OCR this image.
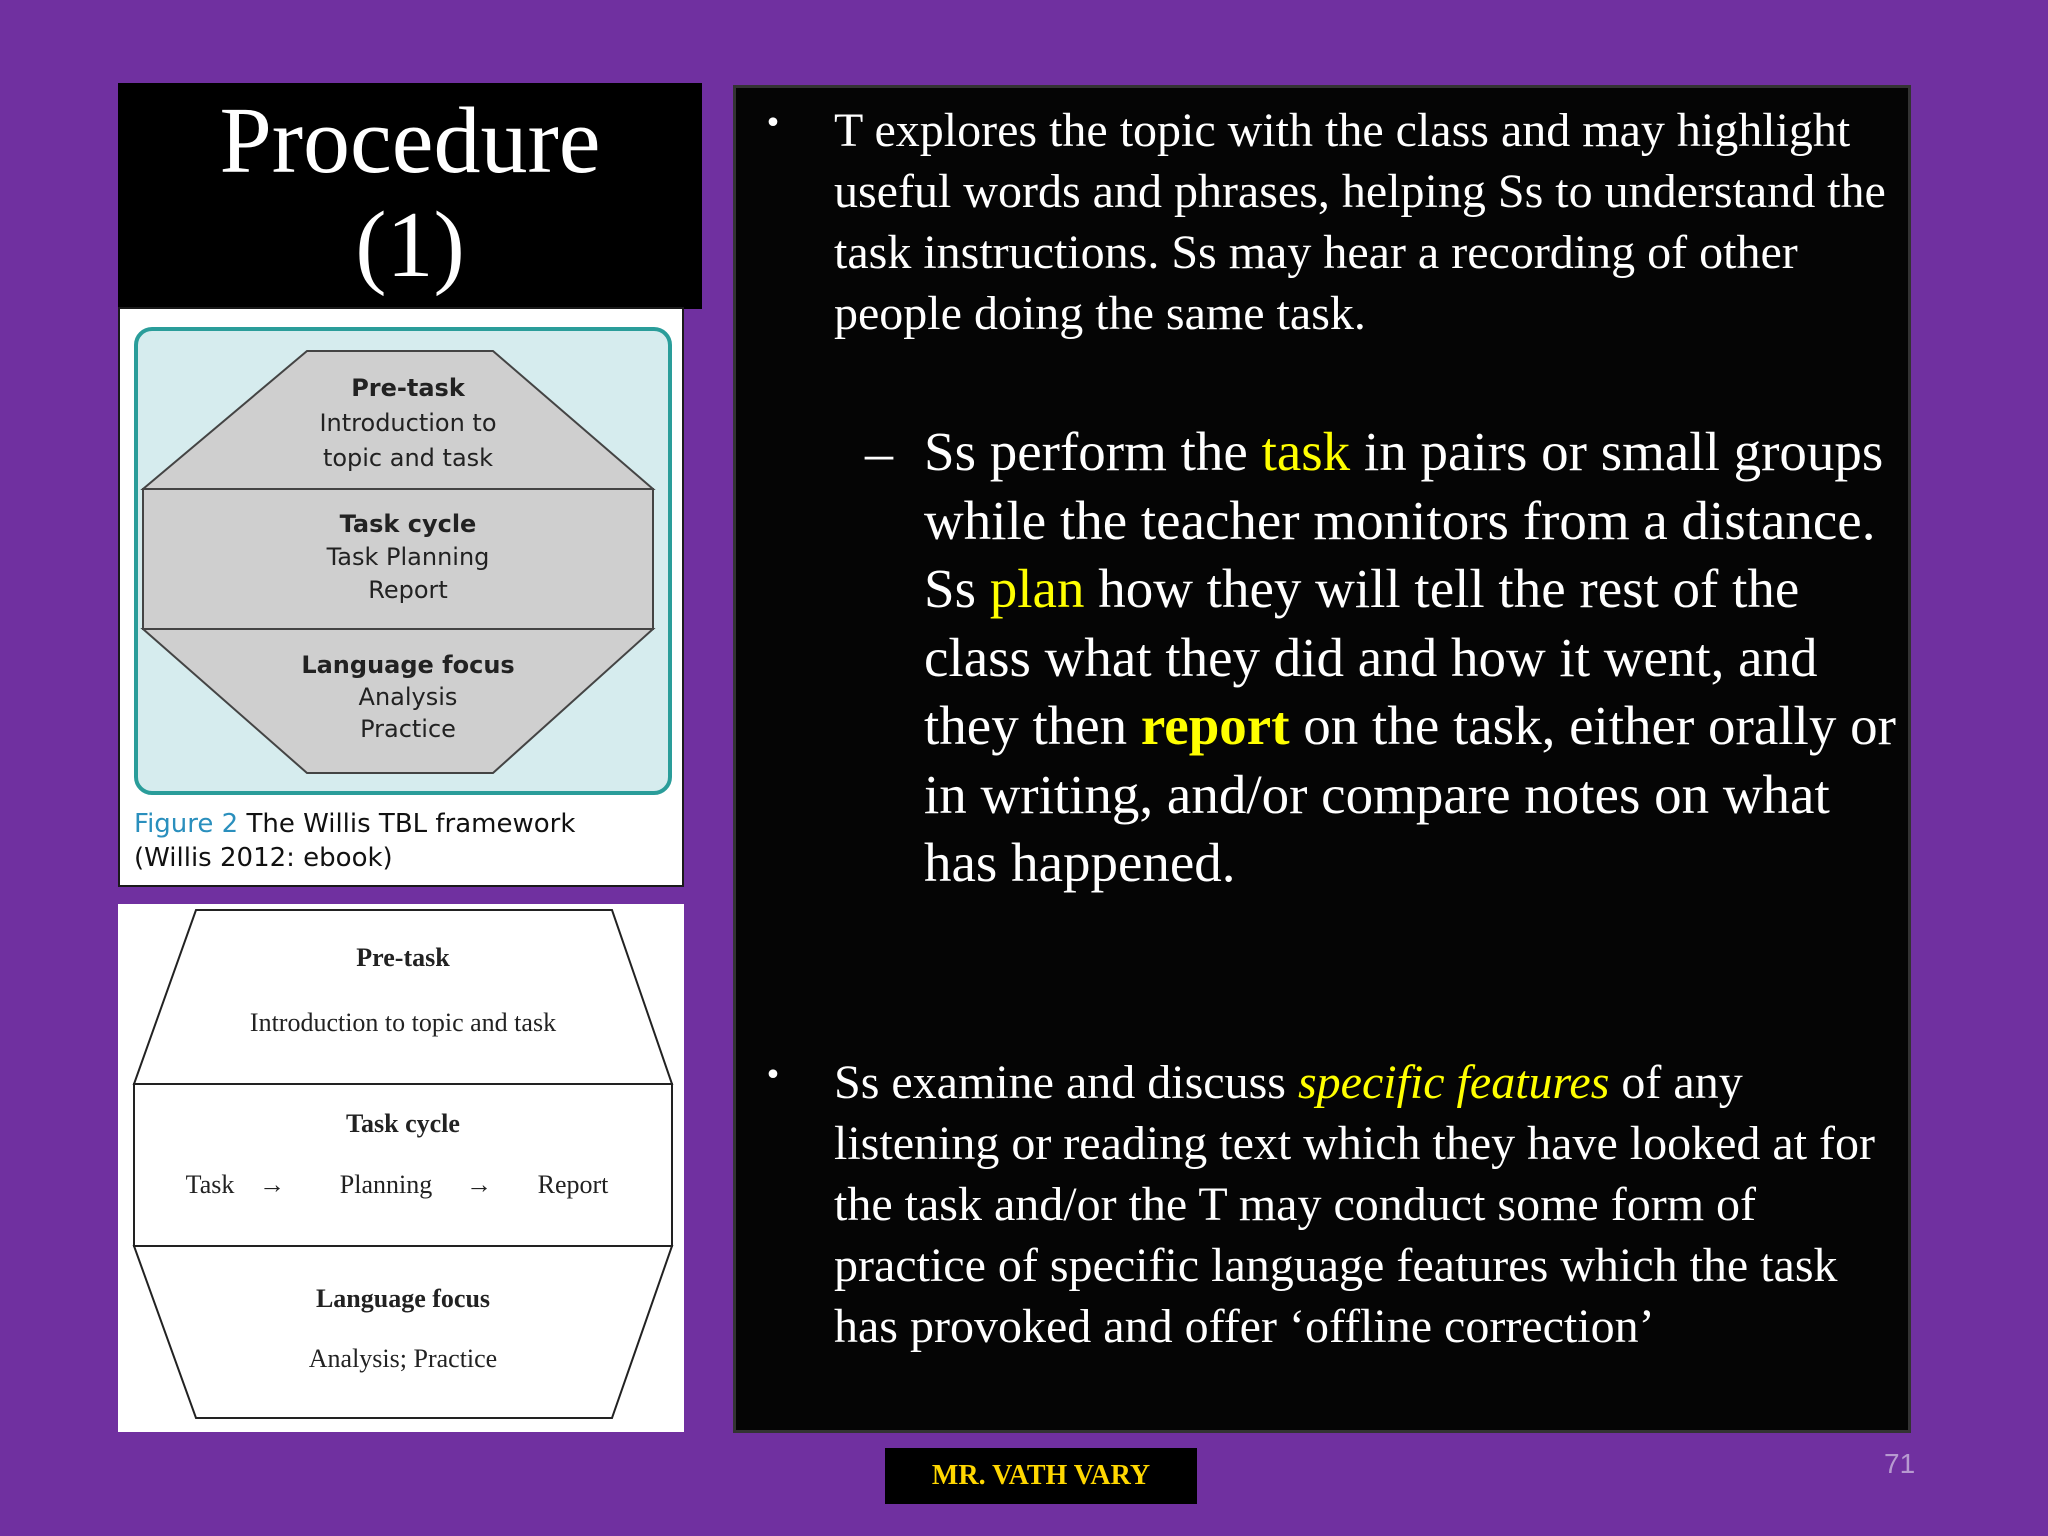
Procedure
(1)
Pre-task
Introduction to
topic and task
Task cycle
Task Planning
Report
Language focus
Analysis
Practice
Figure 2 The Willis TBL framework
(Willis 2012: ebook)
Pre-task
Introduction to topic and task
Task cycle
Task → Planning → Report
Language focus
Analysis; Practice
• T explores the topic with the class and may highlight useful words and phrases, helping Ss to understand the task instructions. Ss may hear a recording of other people doing the same task.
– Ss perform the task in pairs or small groups while the teacher monitors from a distance. Ss plan how they will tell the rest of the class what they did and how it went, and they then report on the task, either orally or in writing, and/or compare notes on what has happened.
• Ss examine and discuss specific features of any listening or reading text which they have looked at for the task and/or the T may conduct some form of practice of specific language features which the task has provoked and offer ‘offline correction’
MR. VATH VARY	71
